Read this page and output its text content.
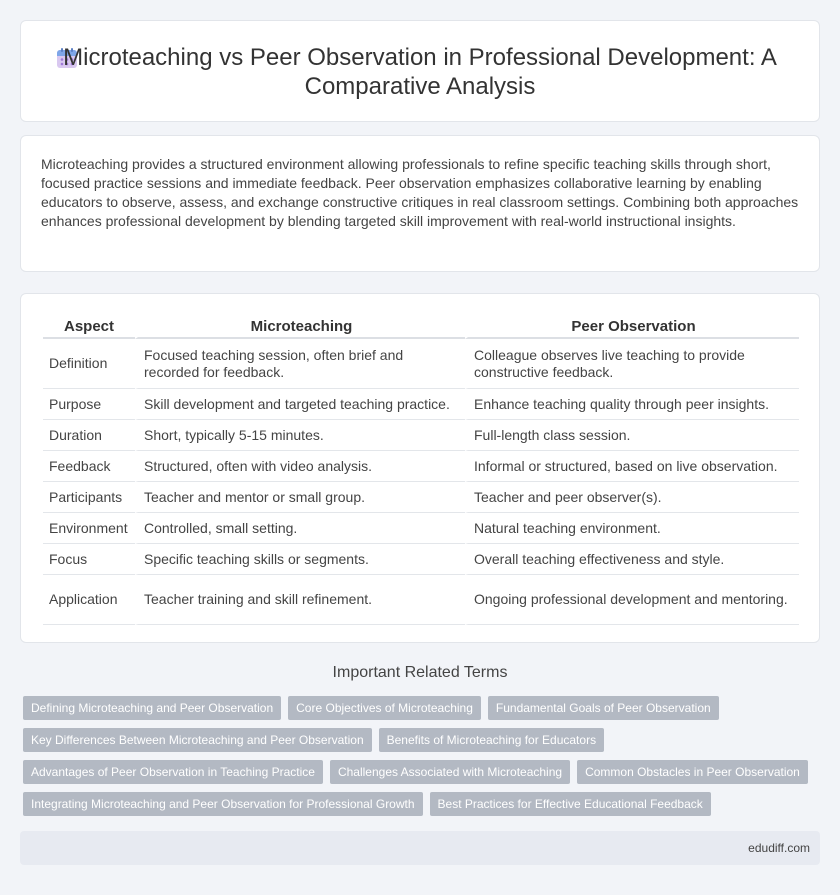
Microteaching vs Peer Observation in Professional Development: A Comparative Analysis

Microteaching provides a structured environment allowing professionals to refine specific teaching skills through short, focused practice sessions and immediate feedback. Peer observation emphasizes collaborative learning by enabling educators to observe, assess, and exchange constructive critiques in real classroom settings. Combining both approaches enhances professional development by blending targeted skill improvement with real-world instructional insights.

Aspect	Microteaching	Peer Observation
Definition	Focused teaching session, often brief and recorded for feedback.	Colleague observes live teaching to provide constructive feedback.
Purpose	Skill development and targeted teaching practice.	Enhance teaching quality through peer insights.
Duration	Short, typically 5-15 minutes.	Full-length class session.
Feedback	Structured, often with video analysis.	Informal or structured, based on live observation.
Participants	Teacher and mentor or small group.	Teacher and peer observer(s).
Environment	Controlled, small setting.	Natural teaching environment.
Focus	Specific teaching skills or segments.	Overall teaching effectiveness and style.
Application	Teacher training and skill refinement.	Ongoing professional development and mentoring.
Important Related Terms
Defining Microteaching and Peer Observation	Core Objectives of Microteaching	Fundamental Goals of Peer Observation
Key Differences Between Microteaching and Peer Observation	Benefits of Microteaching for Educators
Advantages of Peer Observation in Teaching Practice	Challenges Associated with Microteaching	Common Obstacles in Peer Observation
Integrating Microteaching and Peer Observation for Professional Growth	Best Practices for Effective Educational Feedback
edudiff.com
